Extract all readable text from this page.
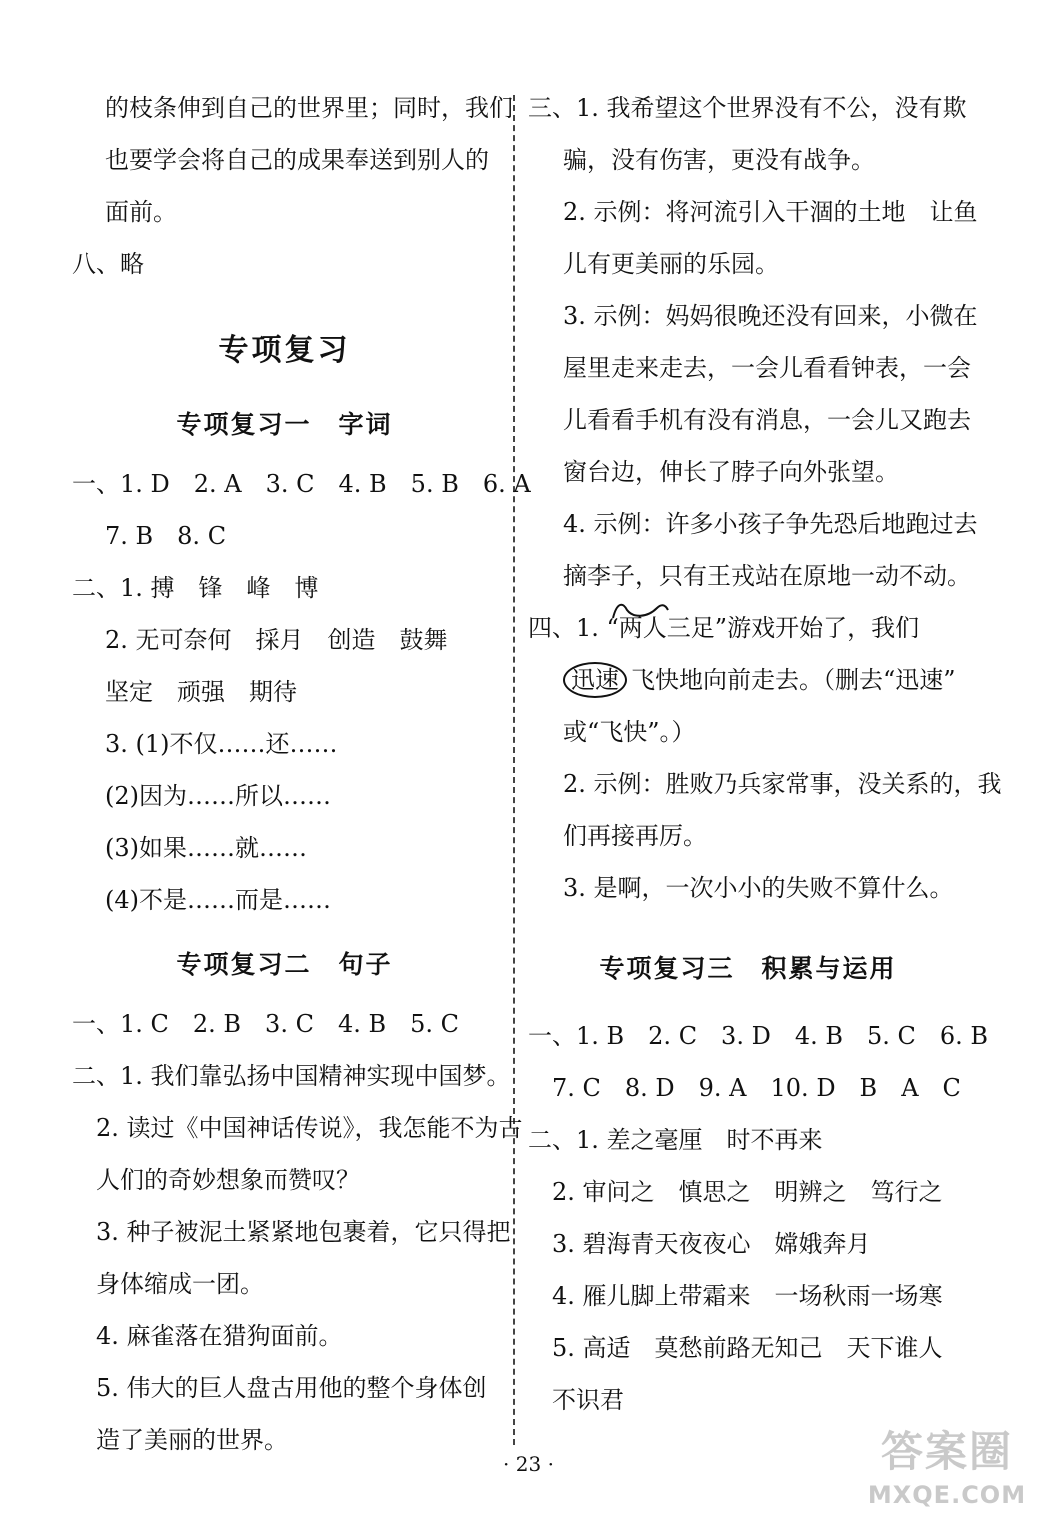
的枝条伸到自己的世界里；同时，我们
也要学会将自己的成果奉送到别人的
面前。
八、略
专项复习
专项复习一　字词
一、1. D　2. A　3. C　4. B　5. B　6. A
7. B　8. C
二、1. 搏　锋　峰　博
2. 无可奈何　採月　创造　鼓舞
坚定　顽强　期待
3. (1)不仅……还……
(2)因为……所以……
(3)如果……就……
(4)不是……而是……
专项复习二　句子
一、1. C　2. B　3. C　4. B　5. C
二、1. 我们靠弘扬中国精神实现中国梦。
2. 读过《中国神话传说》，我怎能不为古
人们的奇妙想象而赞叹？
3. 种子被泥土紧紧地包裹着，它只得把
身体缩成一团。
4. 麻雀落在猎狗面前。
5. 伟大的巨人盘古用他的整个身体创
造了美丽的世界。
三、1. 我希望这个世界没有不公，没有欺
骗，没有伤害，更没有战争。
2. 示例：将河流引入干涸的土地　让鱼
儿有更美丽的乐园。
3. 示例：妈妈很晚还没有回来，小微在
屋里走来走去，一会儿看看钟表，一会
儿看看手机有没有消息，一会儿又跑去
窗台边，伸长了脖子向外张望。
4. 示例：许多小孩子争先恐后地跑过去
摘李子，只有王戎站在原地一动不动。
四、1. “两人三足”游戏开始了，我们
迅速 飞快地向前走去。（删去“迅速”
或“飞快”。）
2. 示例：胜败乃兵家常事，没关系的，我
们再接再厉。
3. 是啊，一次小小的失败不算什么。
专项复习三　积累与运用
一、1. B　2. C　3. D　4. B　5. C　6. B
7. C　8. D　9. A　10. D　B　A　C
二、1. 差之毫厘　时不再来
2. 审问之　慎思之　明辨之　笃行之
3. 碧海青天夜夜心　嫦娥奔月
4. 雁儿脚上带霜来　一场秋雨一场寒
5. 高适　莫愁前路无知己　天下谁人
不识君
· 23 ·	答案圈
MXQE.COM
